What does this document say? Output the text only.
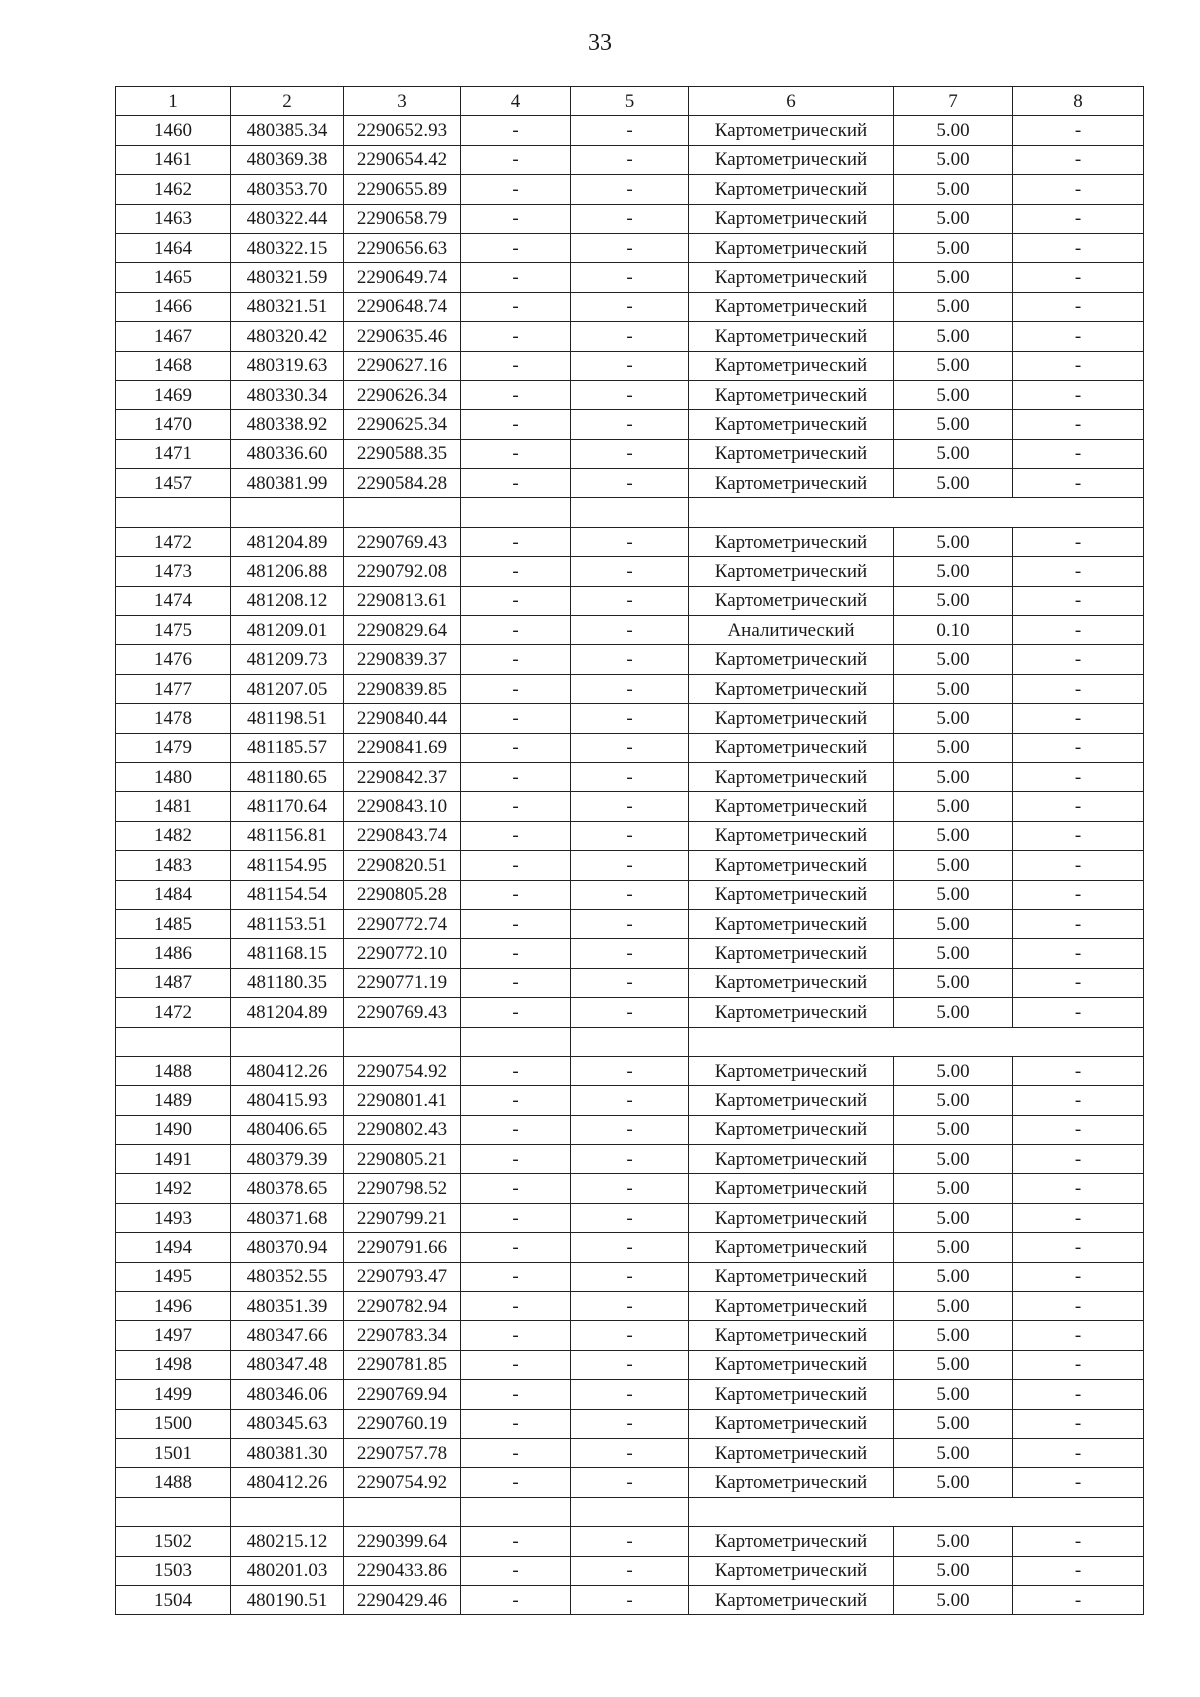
33
1	2	3	4	5	6	7	8
1460	480385.34	2290652.93	-	-	Картометрический	5.00	-
1461	480369.38	2290654.42	-	-	Картометрический	5.00	-
1462	480353.70	2290655.89	-	-	Картометрический	5.00	-
1463	480322.44	2290658.79	-	-	Картометрический	5.00	-
1464	480322.15	2290656.63	-	-	Картометрический	5.00	-
1465	480321.59	2290649.74	-	-	Картометрический	5.00	-
1466	480321.51	2290648.74	-	-	Картометрический	5.00	-
1467	480320.42	2290635.46	-	-	Картометрический	5.00	-
1468	480319.63	2290627.16	-	-	Картометрический	5.00	-
1469	480330.34	2290626.34	-	-	Картометрический	5.00	-
1470	480338.92	2290625.34	-	-	Картометрический	5.00	-
1471	480336.60	2290588.35	-	-	Картометрический	5.00	-
1457	480381.99	2290584.28	-	-	Картометрический	5.00	-

1472	481204.89	2290769.43	-	-	Картометрический	5.00	-
1473	481206.88	2290792.08	-	-	Картометрический	5.00	-
1474	481208.12	2290813.61	-	-	Картометрический	5.00	-
1475	481209.01	2290829.64	-	-	Аналитический	0.10	-
1476	481209.73	2290839.37	-	-	Картометрический	5.00	-
1477	481207.05	2290839.85	-	-	Картометрический	5.00	-
1478	481198.51	2290840.44	-	-	Картометрический	5.00	-
1479	481185.57	2290841.69	-	-	Картометрический	5.00	-
1480	481180.65	2290842.37	-	-	Картометрический	5.00	-
1481	481170.64	2290843.10	-	-	Картометрический	5.00	-
1482	481156.81	2290843.74	-	-	Картометрический	5.00	-
1483	481154.95	2290820.51	-	-	Картометрический	5.00	-
1484	481154.54	2290805.28	-	-	Картометрический	5.00	-
1485	481153.51	2290772.74	-	-	Картометрический	5.00	-
1486	481168.15	2290772.10	-	-	Картометрический	5.00	-
1487	481180.35	2290771.19	-	-	Картометрический	5.00	-
1472	481204.89	2290769.43	-	-	Картометрический	5.00	-

1488	480412.26	2290754.92	-	-	Картометрический	5.00	-
1489	480415.93	2290801.41	-	-	Картометрический	5.00	-
1490	480406.65	2290802.43	-	-	Картометрический	5.00	-
1491	480379.39	2290805.21	-	-	Картометрический	5.00	-
1492	480378.65	2290798.52	-	-	Картометрический	5.00	-
1493	480371.68	2290799.21	-	-	Картометрический	5.00	-
1494	480370.94	2290791.66	-	-	Картометрический	5.00	-
1495	480352.55	2290793.47	-	-	Картометрический	5.00	-
1496	480351.39	2290782.94	-	-	Картометрический	5.00	-
1497	480347.66	2290783.34	-	-	Картометрический	5.00	-
1498	480347.48	2290781.85	-	-	Картометрический	5.00	-
1499	480346.06	2290769.94	-	-	Картометрический	5.00	-
1500	480345.63	2290760.19	-	-	Картометрический	5.00	-
1501	480381.30	2290757.78	-	-	Картометрический	5.00	-
1488	480412.26	2290754.92	-	-	Картометрический	5.00	-

1502	480215.12	2290399.64	-	-	Картометрический	5.00	-
1503	480201.03	2290433.86	-	-	Картометрический	5.00	-
1504	480190.51	2290429.46	-	-	Картометрический	5.00	-
